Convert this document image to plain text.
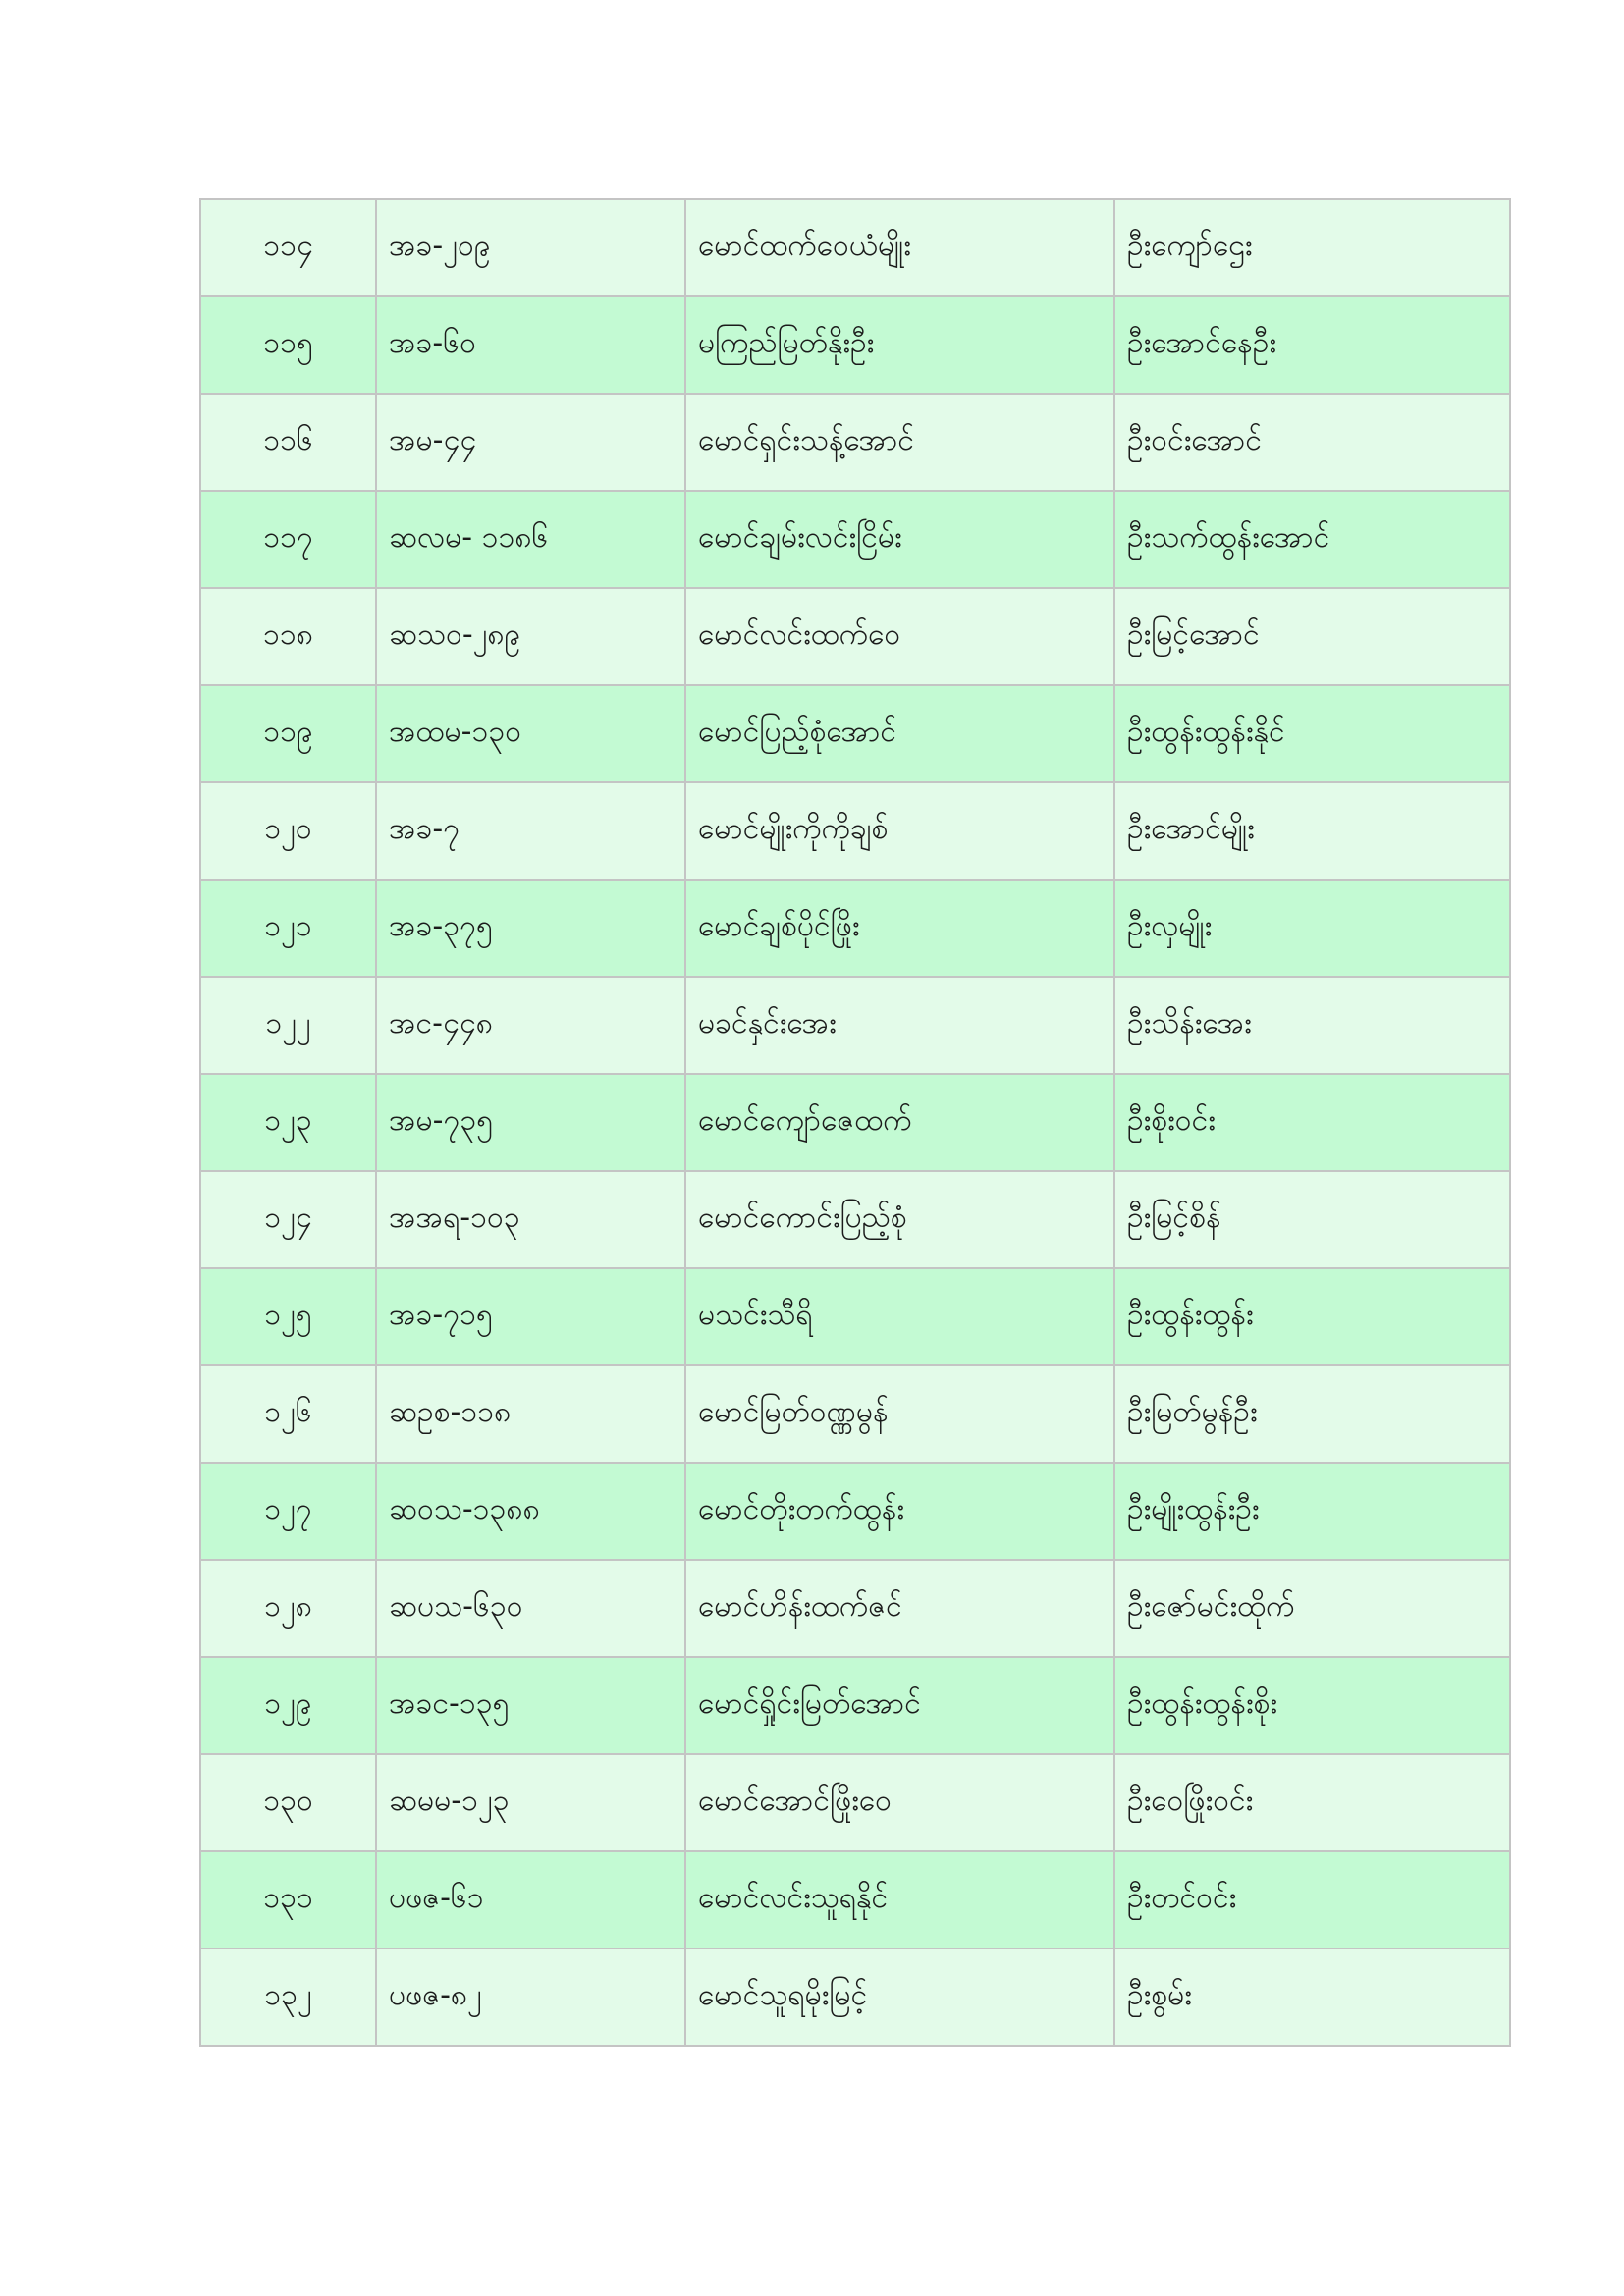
၁၁၄	အခ-၂၀၉	မောင်ထက်ဝေယံမျိုး	ဦးကျော်ဌေး
၁၁၅	အခ-၆၀	မကြည်မြတ်နိုးဦး	ဦးအောင်နေဦး
၁၁၆	အမ-၄၄	မောင်ရှင်းသန့်အောင်	ဦးဝင်းအောင်
၁၁၇	ဆလမ- ၁၁၈၆	မောင်ချမ်းလင်းငြိမ်း	ဦးသက်ထွန်းအောင်
၁၁၈	ဆသဝ-၂၈၉	မောင်လင်းထက်ဝေ	ဦးမြင့်အောင်
၁၁၉	အထမ-၁၃၀	မောင်ပြည့်စုံအောင်	ဦးထွန်းထွန်းနိုင်
၁၂၀	အခ-၇	မောင်မျိုးကိုကိုချစ်	ဦးအောင်မျိုး
၁၂၁	အခ-၃၇၅	မောင်ချစ်ပိုင်ဖြိုး	ဦးလှမျိုး
၁၂၂	အင-၄၄၈	မခင်နှင်းအေး	ဦးသိန်းအေး
၁၂၃	အမ-၇၃၅	မောင်ကျော်ဇေထက်	ဦးစိုးဝင်း
၁၂၄	အအရ-၁၀၃	မောင်ကောင်းပြည့်စုံ	ဦးမြင့်စိန်
၁၂၅	အခ-၇၁၅	မသင်းသီရိ	ဦးထွန်းထွန်း
၁၂၆	ဆဥစ-၁၁၈	မောင်မြတ်ဝဏ္ဏမွန်	ဦးမြတ်မွန်ဦး
၁၂၇	ဆဝသ-၁၃၈၈	မောင်တိုးတက်ထွန်း	ဦးမျိုးထွန်းဦး
၁၂၈	ဆပသ-၆၃၀	မောင်ဟိန်းထက်ဇင်	ဦးဇော်မင်းထိုက်
၁၂၉	အခင-၁၃၅	မောင်ရှိုင်းမြတ်အောင်	ဦးထွန်းထွန်းစိုး
၁၃၀	ဆမမ-၁၂၃	မောင်အောင်ဖြိုးဝေ	ဦးဝေဖြိုးဝင်း
၁၃၁	ပဖဇ-၆၁	မောင်လင်းသူရနိုင်	ဦးတင်ဝင်း
၁၃၂	ပဖဇ-၈၂	မောင်သူရမိုးမြင့်	ဦးစွမ်း
